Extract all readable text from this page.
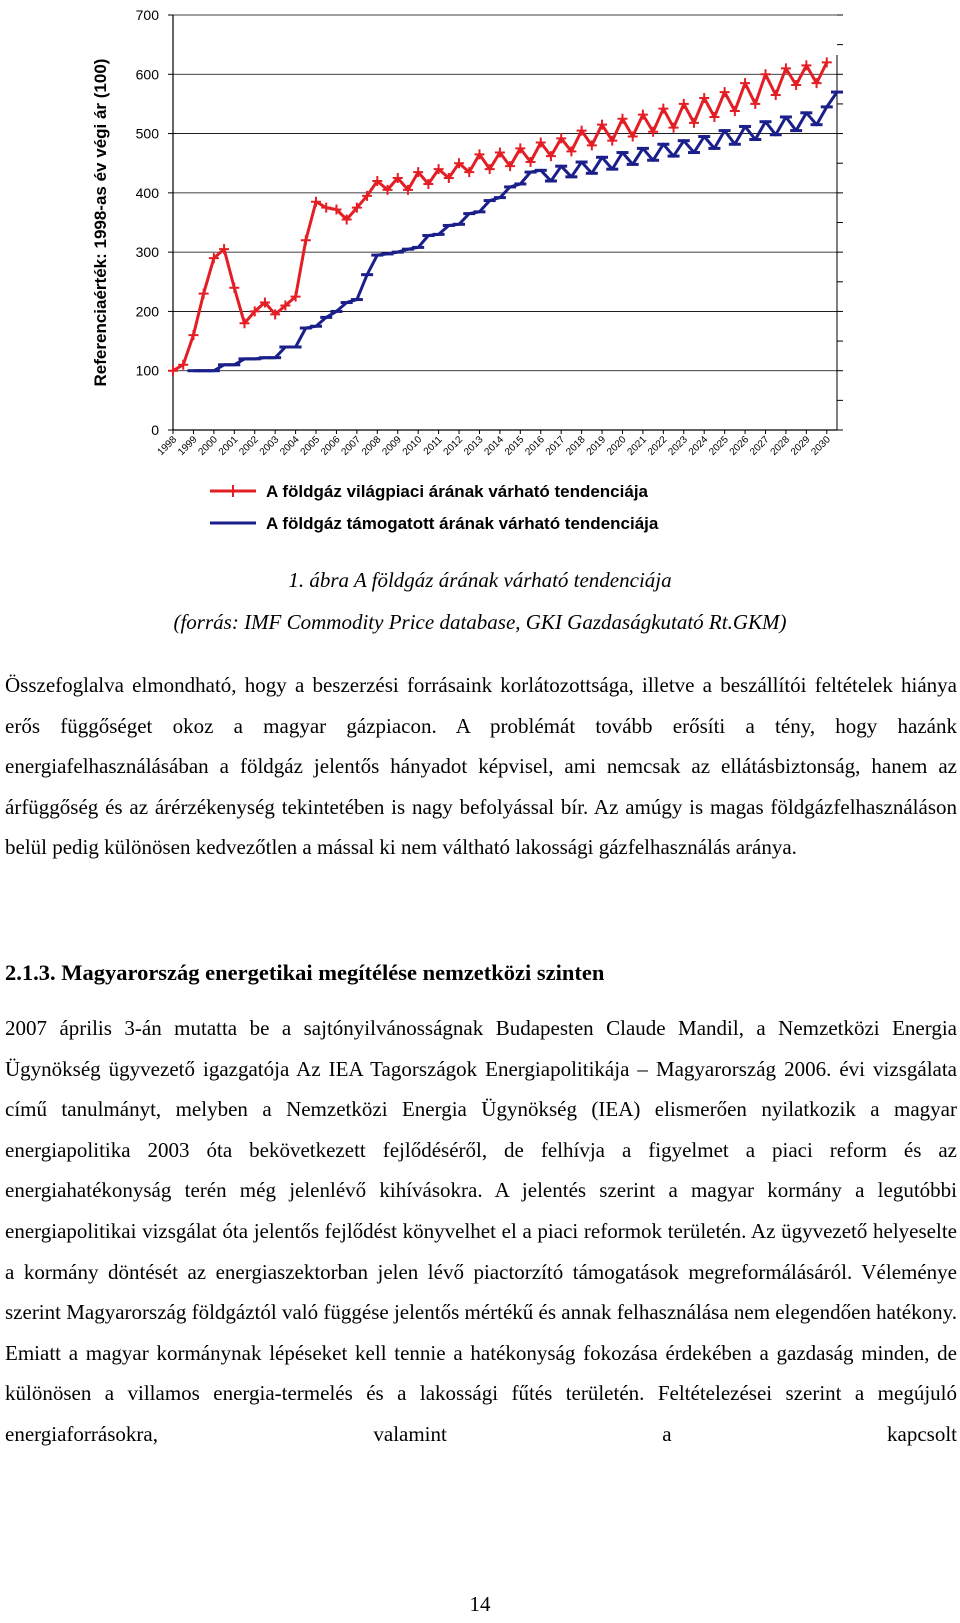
0
100
200
300
400
500
600
700
Referenciaérték: 1998-as év végi ár (100)
1998
1999
2000
2001
2002
2003
2004
2005
2006
2007
2008
2009
2010
2011
2012
2013
2014
2015
2016
2017
2018
2019
2020
2021
2022
2023
2024
2025
2026
2027
2028
2029
2030
A földgáz világpiaci árának várható tendenciája
A földgáz támogatott árának várható tendenciája
1. ábra A földgáz árának várható tendenciája
(forrás: IMF Commodity Price database, GKI Gazdaságkutató Rt.GKM)

Összefoglalva elmondható, hogy a beszerzési forrásaink korlátozottsága, illetve a beszállítói feltételek hiánya erős függőséget okoz a magyar gázpiacon. A problémát tovább erősíti a tény, hogy hazánk energiafelhasználásában a földgáz jelentős hányadot képvisel, ami nemcsak az ellátásbiztonság, hanem az árfüggőség és az árérzékenység tekintetében is nagy befolyással bír. Az amúgy is magas földgázfelhasználáson belül pedig különösen kedvezőtlen a mással ki nem váltható lakossági gázfelhasználás aránya.

2.1.3. Magyarország energetikai megítélése nemzetközi szinten

2007 április 3-án mutatta be a sajtónyilvánosságnak Budapesten Claude Mandil, a Nemzetközi Energia Ügynökség ügyvezető igazgatója Az IEA Tagországok Energiapolitikája – Magyarország 2006. évi vizsgálata című tanulmányt, melyben a Nemzetközi Energia Ügynökség (IEA) elismerően nyilatkozik a magyar energiapolitika 2003 óta bekövetkezett fejlődéséről, de felhívja a figyelmet a piaci reform és az energiahatékonyság terén még jelenlévő kihívásokra. A jelentés szerint a magyar kormány a legutóbbi energiapolitikai vizsgálat óta jelentős fejlődést könyvelhet el a piaci reformok területén. Az ügyvezető helyeselte a kormány döntését az energiaszektorban jelen lévő piactorzító támogatások megreformálásáról. Véleménye szerint Magyarország földgáztól való függése jelentős mértékű és annak felhasználása nem elegendően hatékony. Emiatt a magyar kormánynak lépéseket kell tennie a hatékonyság fokozása érdekében a gazdaság minden, de különösen a villamos energia-termelés és a lakossági fűtés területén. Feltételezései szerint a megújuló energiaforrásokra, valamint a kapcsolt

14
